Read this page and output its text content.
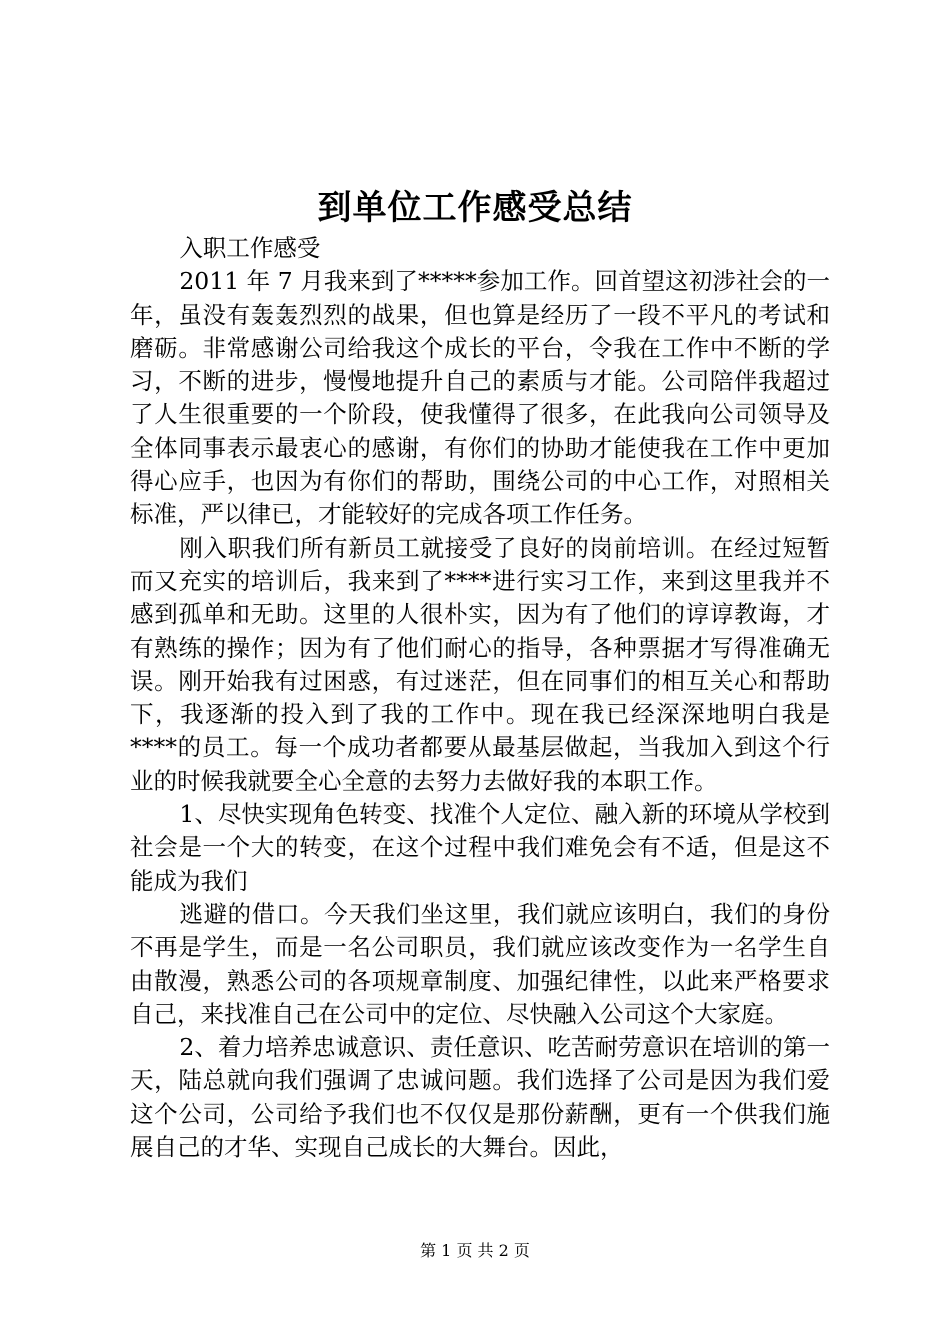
到单位工作感受总结

入职工作感受

2011 年 7 月我来到了*****参加工作。回首望这初涉社会的一年，虽没有轰轰烈烈的战果，但也算是经历了一段不平凡的考试和磨砺。非常感谢公司给我这个成长的平台，令我在工作中不断的学习，不断的进步，慢慢地提升自己的素质与才能。公司陪伴我超过了人生很重要的一个阶段，使我懂得了很多，在此我向公司领导及全体同事表示最衷心的感谢，有你们的协助才能使我在工作中更加得心应手，也因为有你们的帮助，围绕公司的中心工作，对照相关标准，严以律已，才能较好的完成各项工作任务。

刚入职我们所有新员工就接受了良好的岗前培训。在经过短暂而又充实的培训后，我来到了****进行实习工作，来到这里我并不感到孤单和无助。这里的人很朴实，因为有了他们的谆谆教诲，才有熟练的操作；因为有了他们耐心的指导，各种票据才写得准确无误。刚开始我有过困惑，有过迷茫，但在同事们的相互关心和帮助下，我逐渐的投入到了我的工作中。现在我已经深深地明白我是****的员工。每一个成功者都要从最基层做起，当我加入到这个行业的时候我就要全心全意的去努力去做好我的本职工作。

1、尽快实现角色转变、找准个人定位、融入新的环境从学校到社会是一个大的转变，在这个过程中我们难免会有不适，但是这不能成为我们

逃避的借口。今天我们坐这里，我们就应该明白，我们的身份不再是学生，而是一名公司职员，我们就应该改变作为一名学生自由散漫，熟悉公司的各项规章制度、加强纪律性，以此来严格要求自己，来找准自己在公司中的定位、尽快融入公司这个大家庭。

2、着力培养忠诚意识、责任意识、吃苦耐劳意识在培训的第一天，陆总就向我们强调了忠诚问题。我们选择了公司是因为我们爱这个公司，公司给予我们也不仅仅是那份薪酬，更有一个供我们施展自己的才华、实现自己成长的大舞台。因此，

第 1 页 共 2 页
